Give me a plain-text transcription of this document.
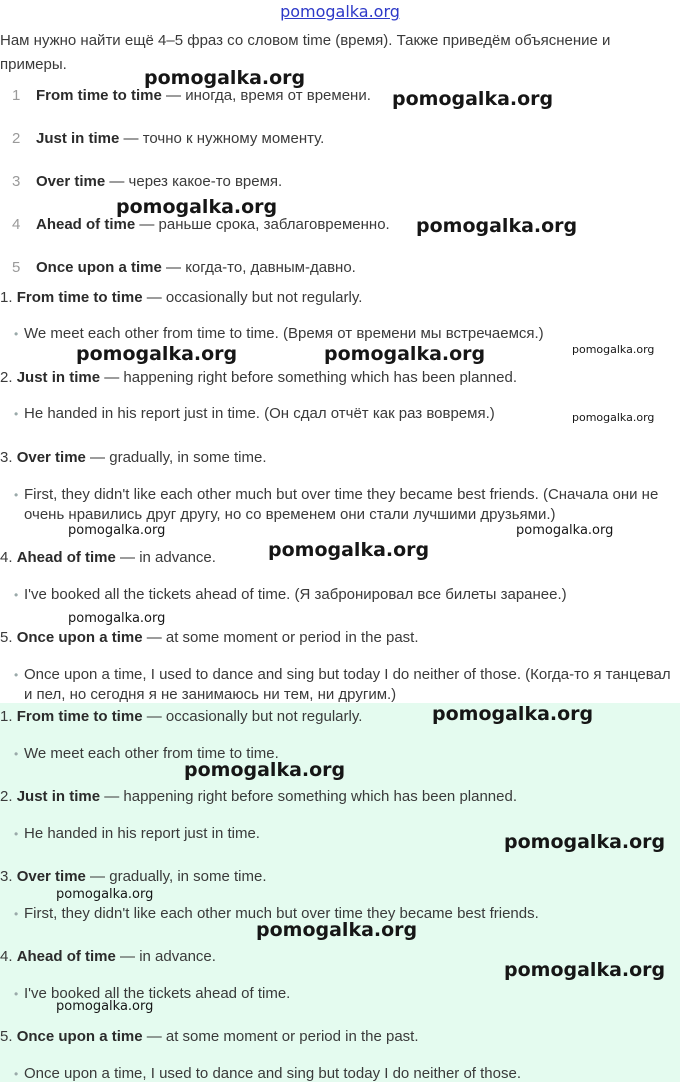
pomogalka.org
Нам нужно найти ещё 4–5 фраз со словом time (время). Также приведём объяснение и примеры.
1 From time to time — иногда, время от времени.
2 Just in time — точно к нужному моменту.
3 Over time — через какое-то время.
4 Ahead of time — раньше срока, заблаговременно.
5 Once upon a time — когда-то, давным-давно.
1. From time to time — occasionally but not regularly.
• We meet each other from time to time. (Время от времени мы встречаемся.)
2. Just in time — happening right before something which has been planned.
• He handed in his report just in time. (Он сдал отчёт как раз вовремя.)
3. Over time — gradually, in some time.
• First, they didn't like each other much but over time they became best friends. (Сначала они не очень нравились друг другу, но со временем они стали лучшими друзьями.)
4. Ahead of time — in advance.
• I've booked all the tickets ahead of time. (Я забронировал все билеты заранее.)
5. Once upon a time — at some moment or period in the past.
• Once upon a time, I used to dance and sing but today I do neither of those. (Когда-то я танцевал и пел, но сегодня я не занимаюсь ни тем, ни другим.)
1. From time to time — occasionally but not regularly.
• We meet each other from time to time.
2. Just in time — happening right before something which has been planned.
• He handed in his report just in time.
3. Over time — gradually, in some time.
• First, they didn't like each other much but over time they became best friends.
4. Ahead of time — in advance.
• I've booked all the tickets ahead of time.
5. Once upon a time — at some moment or period in the past.
• Once upon a time, I used to dance and sing but today I do neither of those.
pomogalka.org
pomogalka.org
pomogalka.org
pomogalka.org
pomogalka.org	pomogalka.org	pomogalka.org
pomogalka.org
pomogalka.org	pomogalka.org
pomogalka.org
pomogalka.org
pomogalka.org
pomogalka.org
pomogalka.org
pomogalka.org
pomogalka.org
pomogalka.org
pomogalka.org
